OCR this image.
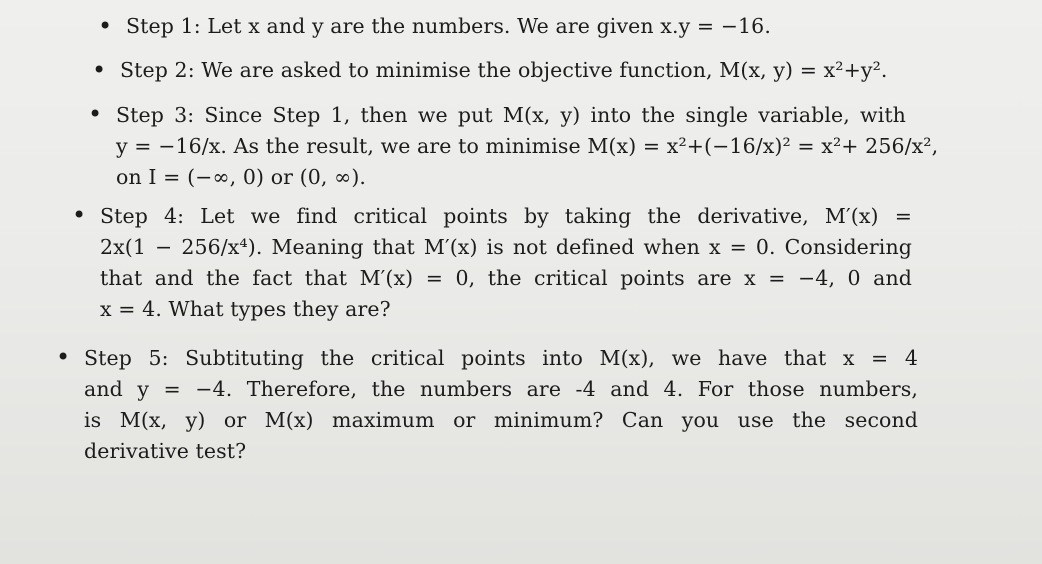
• Step 1: Let x and y are the numbers. We are given x.y = −16.
• Step 2: We are asked to minimise the objective function, M(x, y) = x²+y².
• Step 3: Since Step 1, then we put M(x, y) into the single variable, with
y = −16/x. As the result, we are to minimise M(x) = x²+(−16/x)² = x²+ 256/x²,
on I = (−∞, 0) or (0, ∞).
• Step 4: Let we find critical points by taking the derivative, M′(x) =
2x(1 − 256/x⁴). Meaning that M′(x) is not defined when x = 0. Considering
that and the fact that M′(x) = 0, the critical points are x = −4, 0 and
x = 4. What types they are?
• Step 5: Subtituting the critical points into M(x), we have that x = 4
and y = −4. Therefore, the numbers are -4 and 4. For those numbers,
is M(x, y) or M(x) maximum or minimum? Can you use the second
derivative test?
